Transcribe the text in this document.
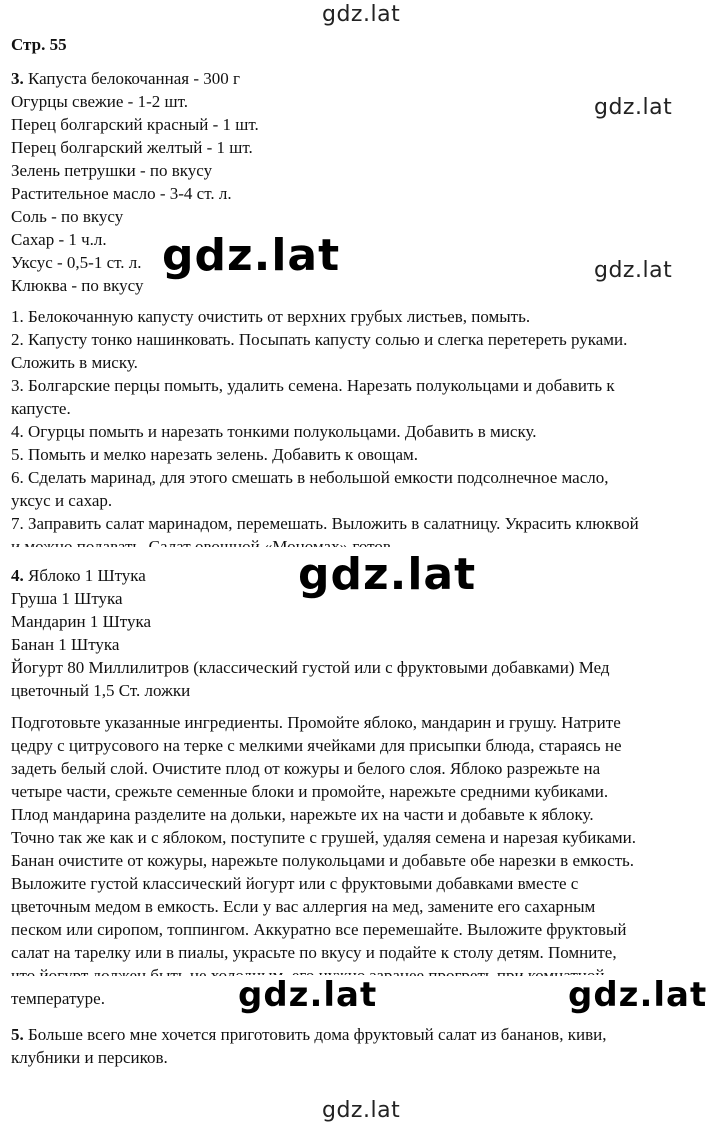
gdz.lat
gdz.lat
gdz.lat
gdz.lat
Стр. 55
3. Капуста белокочанная - 300 г
Огурцы свежие - 1-2 шт.
Перец болгарский красный - 1 шт.
Перец болгарский желтый - 1 шт.
Зелень петрушки - по вкусу
Растительное масло - 3-4 ст. л.
Соль - по вкусу
Сахар - 1 ч.л.
Уксус - 0,5-1 ст. л.
Клюква - по вкусу
1. Белокочанную капусту очистить от верхних грубых листьев, помыть.
2. Капусту тонко нашинковать. Посыпать капусту солью и слегка перетереть руками.
Сложить в миску.
3. Болгарские перцы помыть, удалить семена. Нарезать полукольцами и добавить к
капусте.
4. Огурцы помыть и нарезать тонкими полукольцами. Добавить в миску.
5. Помыть и мелко нарезать зелень. Добавить к овощам.
6. Сделать маринад, для этого смешать в небольшой емкости подсолнечное масло,
уксус и сахар.
7. Заправить салат маринадом, перемешать. Выложить в салатницу. Украсить клюквой
4. Яблоко 1 Штука
Груша 1 Штука
Мандарин 1 Штука
Банан 1 Штука
Йогурт 80 Миллилитров (классический густой или с фруктовыми добавками) Мед
цветочный 1,5 Ст. ложки
Подготовьте указанные ингредиенты. Промойте яблоко, мандарин и грушу. Натрите
цедру с цитрусового на терке с мелкими ячейками для присыпки блюда, стараясь не
задеть белый слой. Очистите плод от кожуры и белого слоя. Яблоко разрежьте на
четыре части, срежьте семенные блоки и промойте, нарежьте средними кубиками.
Плод мандарина разделите на дольки, нарежьте их на части и добавьте к яблоку.
Точно так же как и с яблоком, поступите с грушей, удаляя семена и нарезая кубиками.
Банан очистите от кожуры, нарежьте полукольцами и добавьте обе нарезки в емкость.
Выложите густой классический йогурт или с фруктовыми добавками вместе с
цветочным медом в емкость. Если у вас аллергия на мед, замените его сахарным
песком или сиропом, топпингом. Аккуратно все перемешайте. Выложите фруктовый
салат на тарелку или в пиалы, украсьте по вкусу и подайте к столу детям. Помните,
температуре.
5. Больше всего мне хочется приготовить дома фруктовый салат из бананов, киви,
клубники и персиков.
gdz.lat
gdz.lat
gdz.lat	gdz.lat
